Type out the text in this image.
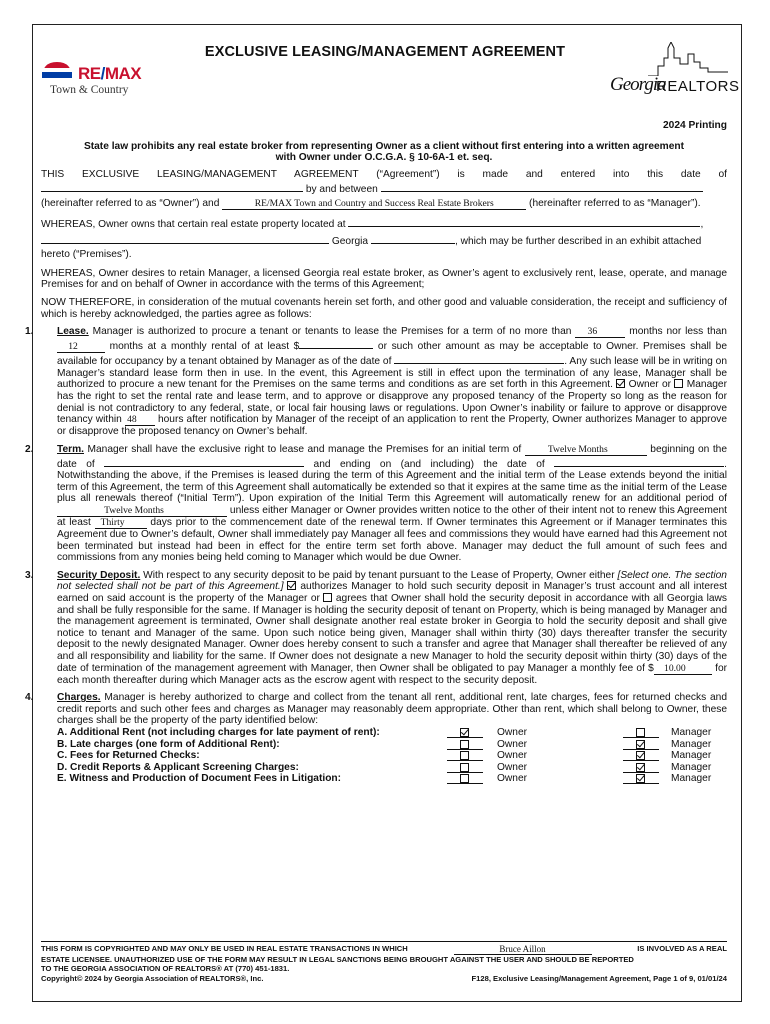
EXCLUSIVE LEASING/MANAGEMENT AGREEMENT
RE/MAX
Town & Country	Georgia
REALTORS

2024 Printing

State law prohibits any real estate broker from representing Owner as a client without first entering into a written agreement

with Owner under O.C.G.A. § 10-6A-1 et. seq.

THIS EXCLUSIVE LEASING/MANAGEMENT AGREEMENT (“Agreement”) is made and entered into this date of

by and between

(hereinafter referred to as “Owner”) and	RE/MAX Town and Country and Success Real Estate Brokers	(hereinafter referred to as “Manager”).

WHEREAS, Owner owns that certain real estate property located at	,

Georgia	, which may be further described in an exhibit attached

hereto (“Premises”).

WHEREAS, Owner desires to retain Manager, a licensed Georgia real estate broker, as Owner’s agent to exclusively rent, lease, operate, and manage Premises for and on behalf of Owner in accordance with the terms of this Agreement;

NOW THEREFORE, in consideration of the mutual covenants herein set forth, and other good and valuable consideration, the receipt and sufficiency of which is hereby acknowledged, the parties agree as follows:

1. Lease. Manager is authorized to procure a tenant or tenants to lease the Premises for a term of no more than 36	months nor less than 12	months at a monthly rental of at least $	or such other amount as may be acceptable to Owner. Premises shall be available for occupancy by a tenant obtained by Manager as of the date of	. Any such lease will be in writing on Manager’s standard lease form then in use. In the event, this Agreement is still in effect upon the termination of any lease, Manager shall be authorized to procure a new tenant for the Premises on the same terms and conditions as are set forth in this Agreement. Owner or Manager has the right to set the rental rate and lease term, and to approve or disapprove any proposed tenancy of the Property so long as the reason for denial is not contradictory to any federal, state, or local fair housing laws or regulations. Upon Owner’s inability or failure to approve or disapprove tenancy within 48 hours after notification by Manager of the receipt of an application to rent the Property, Owner authorizes Manager to approve or disapprove the proposed tenancy on Owner’s behalf.
2. Term. Manager shall have the exclusive right to lease and manage the Premises for an initial term of	Twelve Months	beginning on the date of	and ending on (and including) the date of	. Notwithstanding the above, if the Premises is leased during the term of this Agreement and the initial term of the Lease extends beyond the initial term of this Agreement, the term of this Agreement shall automatically be extended so that it expires at the same time as the initial term of the Lease plus all renewals thereof (“Initial Term”). Upon expiration of the Initial Term this Agreement will automatically renew for an additional period of Twelve Months	unless either Manager or Owner provides written notice to the other of their intent not to renew this Agreement at least Thirty	days prior to the commencement date of the renewal term. If Owner terminates this Agreement or if Manager terminates this Agreement due to Owner’s default, Owner shall immediately pay Manager all fees and commissions they would have earned had this Agreement not been terminated but instead had been in effect for the entire term set forth above. Manager may deduct the full amount of such fees and commissions from any monies being held coming to Manager which would be due Owner.
3. Security Deposit. With respect to any security deposit to be paid by tenant pursuant to the Lease of Property, Owner either [Select one. The section not selected shall not be part of this Agreement.] authorizes Manager to hold such security deposit in Manager’s trust account and all interest earned on said account is the property of the Manager or agrees that Owner shall hold the security deposit in accordance with all Georgia laws and shall be fully responsible for the same. If Manager is holding the security deposit of tenant on Property, which is being managed by Manager and the management agreement is terminated, Owner shall designate another real estate broker in Georgia to hold the security deposit and shall give notice to tenant and Manager of the same. Upon such notice being given, Manager shall within thirty (30) days thereafter transfer the security deposit to the newly designated Manager. Owner does hereby consent to such a transfer and agree that Manager shall thereafter be relieved of any and all responsibility and liability for the same. If Owner does not designate a new Manager to hold the security deposit within thirty (30) days of the date of termination of the management agreement with Manager, then Owner shall be obligated to pay Manager a monthly fee of $ 10.00	for each month thereafter during which Manager acts as the escrow agent with respect to the security deposit.
4. Charges. Manager is hereby authorized to charge and collect from the tenant all rent, additional rent, late charges, fees for returned checks and credit reports and such other fees and charges as Manager may reasonably deem appropriate. Other than rent, which shall belong to Owner, these charges shall be the property of the party identified below:
A. Additional Rent (not including charges for late payment of rent):	Owner	Manager
B. Late charges (one form of Additional Rent):	Owner	Manager
C. Fees for Returned Checks:	Owner	Manager
D. Credit Reports & Applicant Screening Charges:	Owner	Manager
E. Witness and Production of Document Fees in Litigation:	Owner	Manager
THIS FORM IS COPYRIGHTED AND MAY ONLY BE USED IN REAL ESTATE TRANSACTIONS IN WHICH	Bruce Aillon	IS INVOLVED AS A REAL
ESTATE LICENSEE. UNAUTHORIZED USE OF THE FORM MAY RESULT IN LEGAL SANCTIONS BEING BROUGHT AGAINST THE USER AND SHOULD BE REPORTED
TO THE GEORGIA ASSOCIATION OF REALTORS® AT (770) 451-1831.
Copyright© 2024 by Georgia Association of REALTORS®, Inc.	F128, Exclusive Leasing/Management Agreement, Page 1 of 9, 01/01/24
